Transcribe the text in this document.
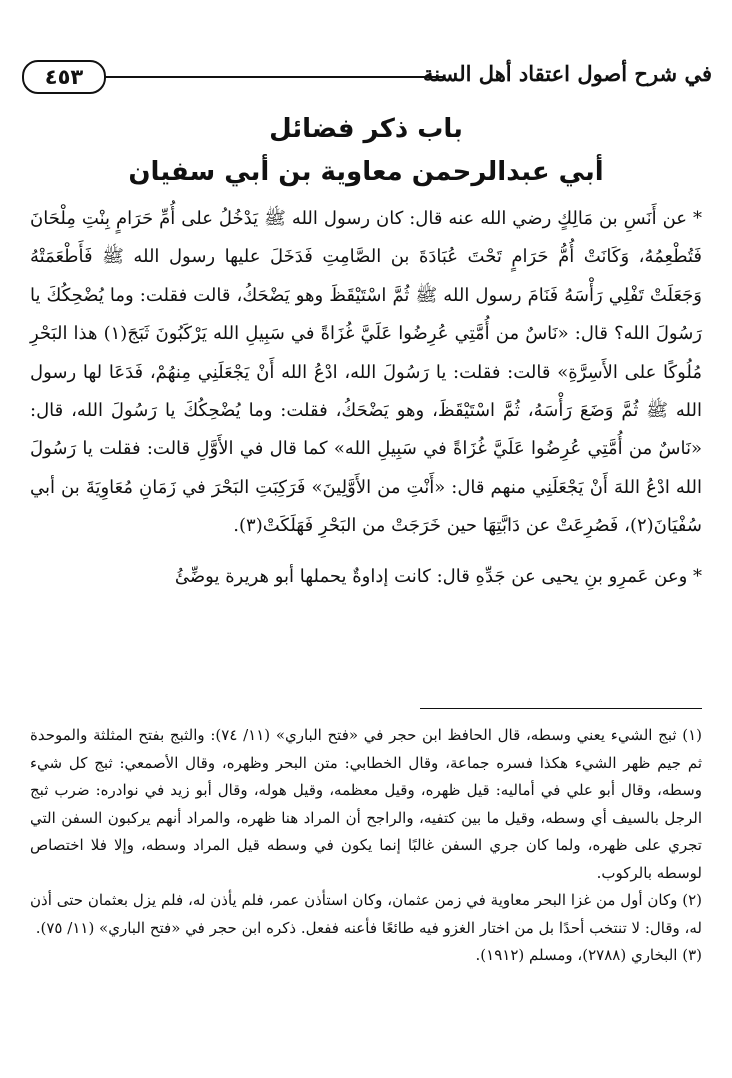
٤٥٣	في شرح أصول اعتقاد أهل السنة
باب ذكر فضائل
أبي عبدالرحمن معاوية بن أبي سفيان

* عن أَنَسِ بن مَالِكٍ رضي الله عنه قال: كان رسول الله ﷺ يَدْخُلُ على أُمِّ حَرَامٍ بِنْتِ مِلْحَانَ فَتُطْعِمُهُ، وَكَانَتْ أُمُّ حَرَامٍ تَحْتَ عُبَادَةَ بن الصَّامِتِ فَدَخَلَ عليها رسول الله ﷺ فَأَطْعَمَتْهُ وَجَعَلَتْ تَفْلِي رَأْسَهُ فَنَامَ رسول الله ﷺ ثُمَّ اسْتَيْقَظَ وهو يَضْحَكُ، قالت فقلت: وما يُضْحِكُكَ يا رَسُولَ الله؟ قال: «نَاسٌ من أُمَّتِي عُرِضُوا عَلَيَّ غُزَاةً في سَبِيلِ الله يَرْكَبُونَ ثَبَجَ(١) هذا البَحْرِ مُلُوكًا على الأَسِرَّةِ» قالت: فقلت: يا رَسُولَ الله، ادْعُ الله أَنْ يَجْعَلَنِي مِنهُمْ، فَدَعَا لها رسول الله ﷺ ثُمَّ وَضَعَ رَأْسَهُ، ثُمَّ اسْتَيْقَظَ، وهو يَضْحَكُ، فقلت: وما يُضْحِكُكَ يا رَسُولَ الله، قال: «نَاسٌ من أُمَّتِي عُرِضُوا عَلَيَّ غُزَاةً في سَبِيلِ الله» كما قال في الأَوَّلِ قالت: فقلت يا رَسُولَ الله ادْعُ اللهَ أَنْ يَجْعَلَنِي منهم قال: «أَنْتِ من الأَوَّلِينَ» فَرَكِبَتِ البَحْرَ في زَمَانِ مُعَاوِيَةَ بن أبي سُفْيَانَ(٢)، فَصُرِعَتْ عن دَابَّتِهَا حين خَرَجَتْ من البَحْرِ فَهَلَكَتْ(٣).

* وعن عَمرِو بنِ يحيى عن جَدِّهِ قال: كانت إداوةٌ يحملها أبو هريرة يوضِّئُ

(١) ثبج الشيء يعني وسطه، قال الحافظ ابن حجر في «فتح الباري» (١١/ ٧٤): والثبج بفتح المثلثة والموحدة ثم جيم ظهر الشيء هكذا فسره جماعة، وقال الخطابي: متن البحر وظهره، وقال الأصمعي: ثبج كل شيء وسطه، وقال أبو علي في أماليه: قيل ظهره، وقيل معظمه، وقيل هوله، وقال أبو زيد في نوادره: ضرب ثبج الرجل بالسيف أي وسطه، وقيل ما بين كتفيه، والراجح أن المراد هنا ظهره، والمراد أنهم يركبون السفن التي تجري على ظهره، ولما كان جري السفن غالبًا إنما يكون في وسطه قيل المراد وسطه، وإلا فلا اختصاص لوسطه بالركوب.

(٢) وكان أول من غزا البحر معاوية في زمن عثمان، وكان استأذن عمر، فلم يأذن له، فلم يزل بعثمان حتى أذن له، وقال: لا تنتخب أحدًا بل من اختار الغزو فيه طائعًا فأعنه ففعل. ذكره ابن حجر في «فتح الباري» (١١/ ٧٥).

(٣) البخاري (٢٧٨٨)، ومسلم (١٩١٢).
